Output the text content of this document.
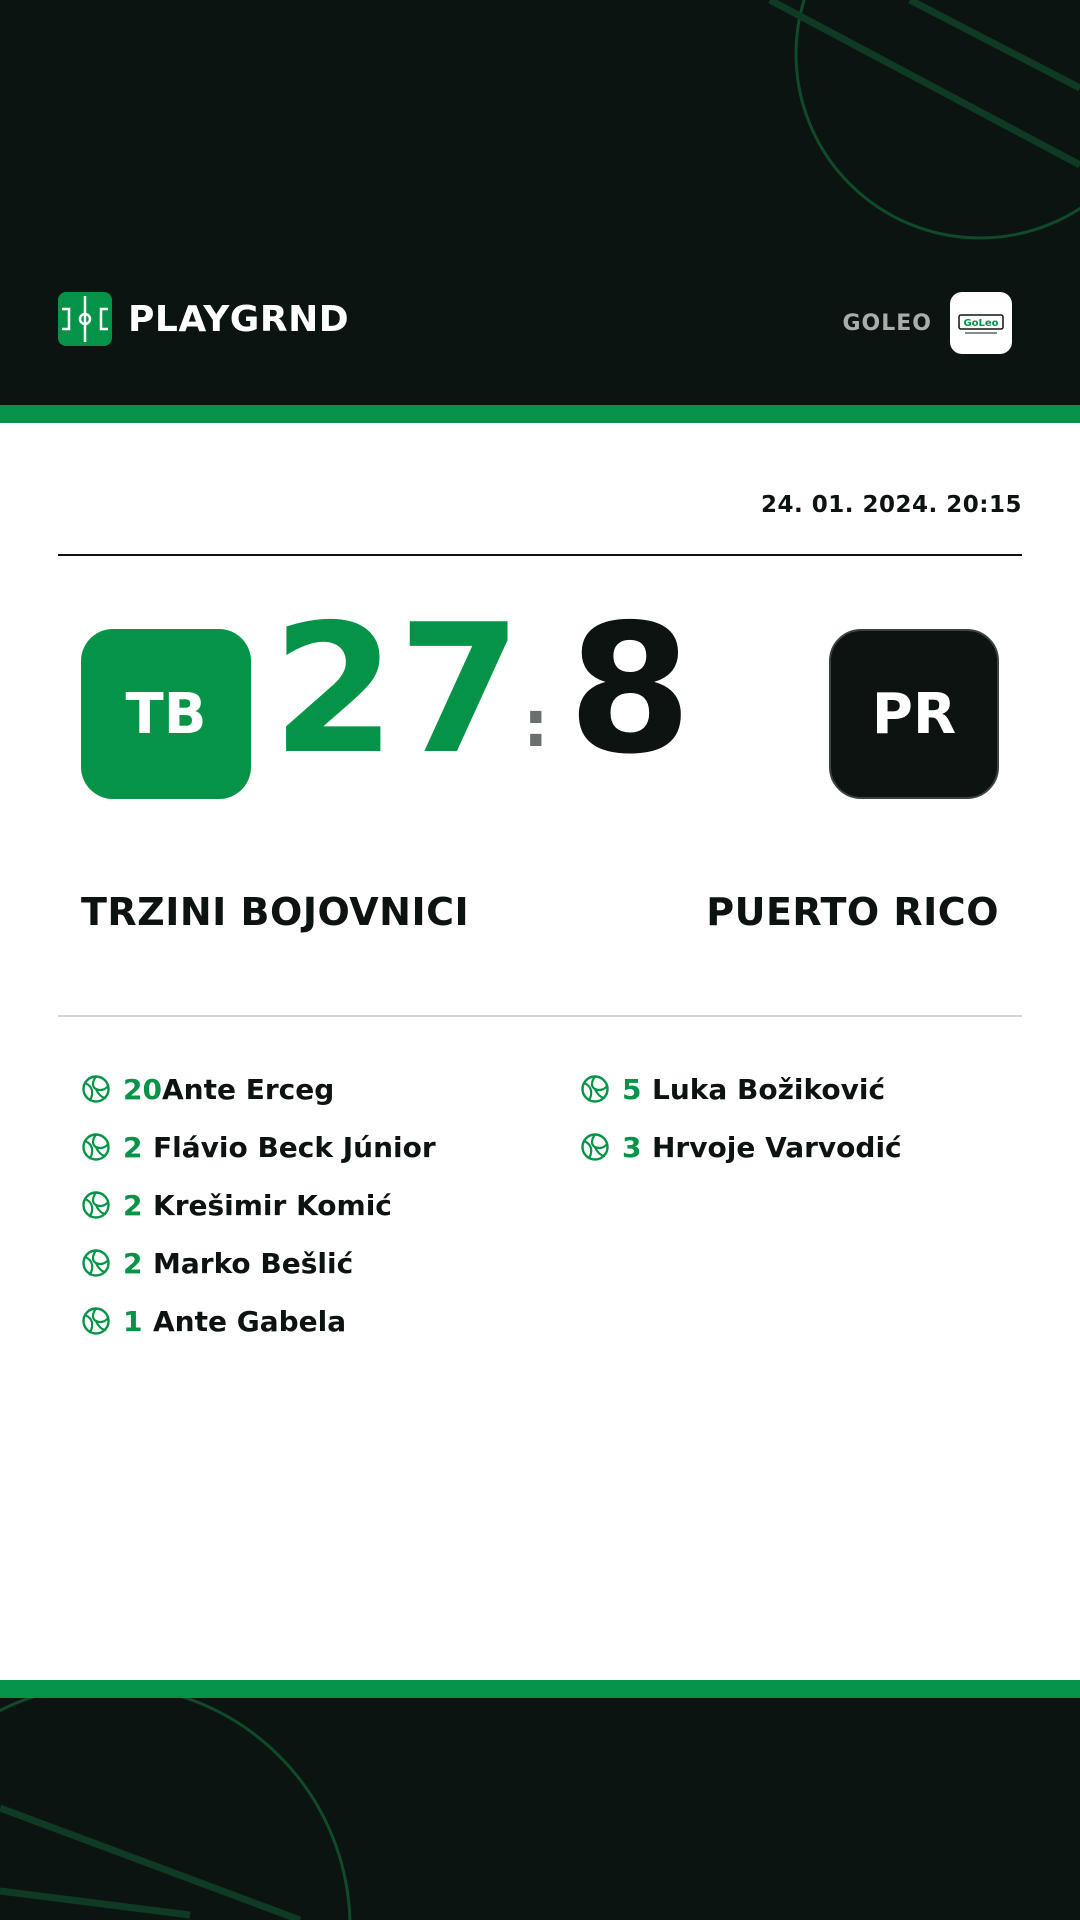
PLAYGRND	GOLEO	GoLeo
24. 01. 2024. 20:15
TB 27 : 8	PR
TRZINI BOJOVNICI	PUERTO RICO
20 Ante Erceg
2 Flávio Beck Júnior
2 Krešimir Komić
2 Marko Bešlić
1 Ante Gabela
5 Luka Božiković
3 Hrvoje Varvodić
